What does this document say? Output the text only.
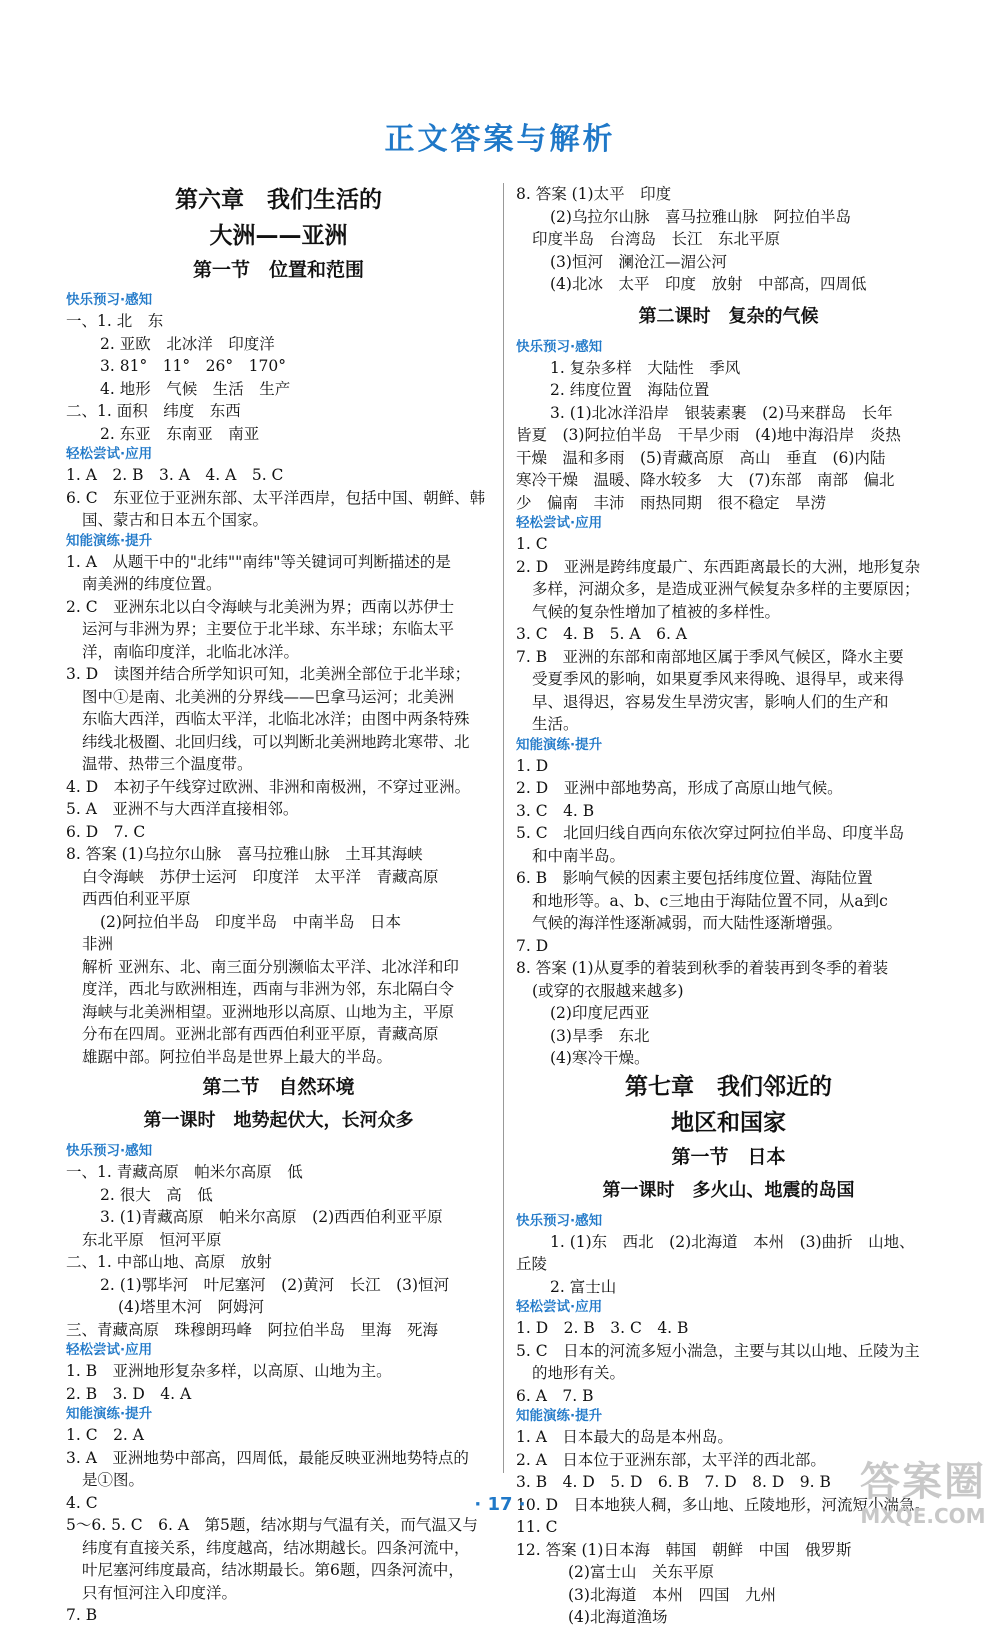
正文答案与解析
第六章　我们生活的
大洲——亚洲
第一节　位置和范围
快乐预习·感知
一、1. 北　东
2. 亚欧　北冰洋　印度洋
3. 81°　11°　26°　170°
4. 地形　气候　生活　生产
二、1. 面积　纬度　东西
2. 东亚　东南亚　南亚
轻松尝试·应用
1. A　2. B　3. A　4. A　5. C
6. C　东亚位于亚洲东部、太平洋西岸，包括中国、朝鲜、韩
国、蒙古和日本五个国家。
知能演练·提升
1. A　从题干中的"北纬""南纬"等关键词可判断描述的是
南美洲的纬度位置。
2. C　亚洲东北以白令海峡与北美洲为界；西南以苏伊士
运河与非洲为界；主要位于北半球、东半球；东临太平
洋，南临印度洋，北临北冰洋。
3. D　读图并结合所学知识可知，北美洲全部位于北半球；
图中①是南、北美洲的分界线——巴拿马运河；北美洲
东临大西洋，西临太平洋，北临北冰洋；由图中两条特殊
纬线北极圈、北回归线，可以判断北美洲地跨北寒带、北
温带、热带三个温度带。
4. D　本初子午线穿过欧洲、非洲和南极洲，不穿过亚洲。
5. A　亚洲不与大西洋直接相邻。
6. D　7. C
8. 答案 (1)乌拉尔山脉　喜马拉雅山脉　土耳其海峡
白令海峡　苏伊士运河　印度洋　太平洋　青藏高原
西西伯利亚平原
(2)阿拉伯半岛　印度半岛　中南半岛　日本
非洲
解析 亚洲东、北、南三面分别濒临太平洋、北冰洋和印
度洋，西北与欧洲相连，西南与非洲为邻，东北隔白令
海峡与北美洲相望。亚洲地形以高原、山地为主，平原
分布在四周。亚洲北部有西西伯利亚平原，青藏高原
雄踞中部。阿拉伯半岛是世界上最大的半岛。
第二节　自然环境
第一课时　地势起伏大，长河众多
快乐预习·感知
一、1. 青藏高原　帕米尔高原　低
2. 很大　高　低
3. (1)青藏高原　帕米尔高原　(2)西西伯利亚平原
东北平原　恒河平原
二、1. 中部山地、高原　放射
2. (1)鄂毕河　叶尼塞河　(2)黄河　长江　(3)恒河
(4)塔里木河　阿姆河
三、青藏高原　珠穆朗玛峰　阿拉伯半岛　里海　死海
轻松尝试·应用
1. B　亚洲地形复杂多样，以高原、山地为主。
2. B　3. D　4. A
知能演练·提升
1. C　2. A
3. A　亚洲地势中部高，四周低，最能反映亚洲地势特点的
是①图。
4. C
5～6. 5. C　6. A　第5题，结冰期与气温有关，而气温又与
纬度有直接关系，纬度越高，结冰期越长。四条河流中，
叶尼塞河纬度最高，结冰期最长。第6题，四条河流中，
只有恒河注入印度洋。
7. B
8. 答案 (1)太平　印度
(2)乌拉尔山脉　喜马拉雅山脉　阿拉伯半岛
印度半岛　台湾岛　长江　东北平原
(3)恒河　澜沧江—湄公河
(4)北冰　太平　印度　放射　中部高，四周低
第二课时　复杂的气候
快乐预习·感知
1. 复杂多样　大陆性　季风
2. 纬度位置　海陆位置
3. (1)北冰洋沿岸　银装素裹　(2)马来群岛　长年
皆夏　(3)阿拉伯半岛　干旱少雨　(4)地中海沿岸　炎热
干燥　温和多雨　(5)青藏高原　高山　垂直　(6)内陆
寒冷干燥　温暖、降水较多　大　(7)东部　南部　偏北
少　偏南　丰沛　雨热同期　很不稳定　旱涝
轻松尝试·应用
1. C
2. D　亚洲是跨纬度最广、东西距离最长的大洲，地形复杂
多样，河湖众多，是造成亚洲气候复杂多样的主要原因；
气候的复杂性增加了植被的多样性。
3. C　4. B　5. A　6. A
7. B　亚洲的东部和南部地区属于季风气候区，降水主要
受夏季风的影响，如果夏季风来得晚、退得早，或来得
早、退得迟，容易发生旱涝灾害，影响人们的生产和
生活。
知能演练·提升
1. D
2. D　亚洲中部地势高，形成了高原山地气候。
3. C　4. B
5. C　北回归线自西向东依次穿过阿拉伯半岛、印度半岛
和中南半岛。
6. B　影响气候的因素主要包括纬度位置、海陆位置
和地形等。a、b、c三地由于海陆位置不同，从a到c
气候的海洋性逐渐减弱，而大陆性逐渐增强。
7. D
8. 答案 (1)从夏季的着装到秋季的着装再到冬季的着装
(或穿的衣服越来越多)
(2)印度尼西亚
(3)旱季　东北
(4)寒冷干燥。
第七章　我们邻近的
地区和国家
第一节　日本
第一课时　多火山、地震的岛国
快乐预习·感知
1. (1)东　西北　(2)北海道　本州　(3)曲折　山地、
丘陵
2. 富士山
轻松尝试·应用
1. D　2. B　3. C　4. B
5. C　日本的河流多短小湍急，主要与其以山地、丘陵为主
的地形有关。
6. A　7. B
知能演练·提升
1. A　日本最大的岛是本州岛。
2. A　日本位于亚洲东部，太平洋的西北部。
3. B　4. D　5. D　6. B　7. D　8. D　9. B
10. D　日本地狭人稠，多山地、丘陵地形，河流短小湍急。
11. C
12. 答案 (1)日本海　韩国　朝鲜　中国　俄罗斯
(2)富士山　关东平原
(3)北海道　本州　四国　九州
(4)北海道渔场
· 17 ·	答案圈
MXQE.COM
